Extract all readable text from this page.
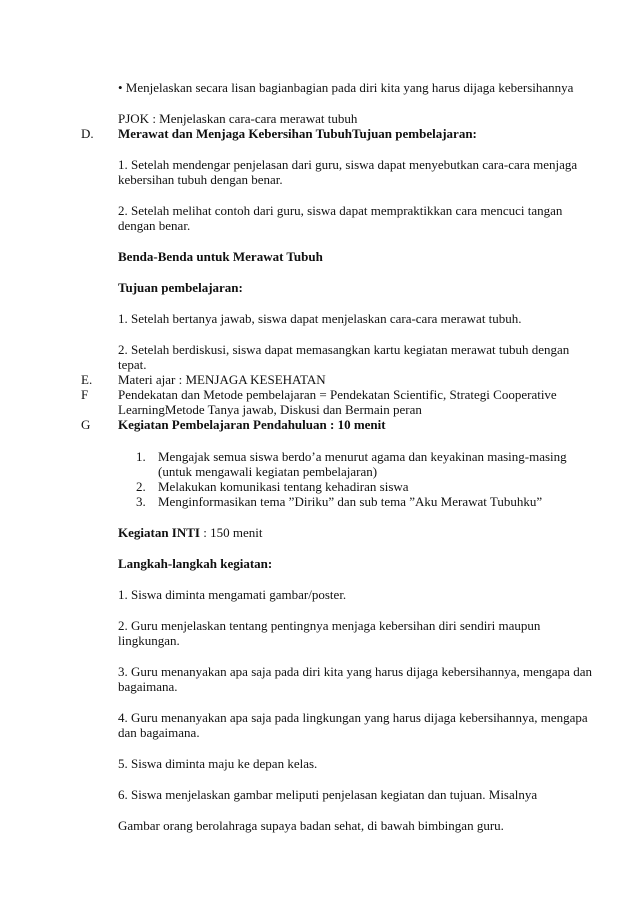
• Menjelaskan secara lisan bagianbagian pada diri kita yang harus dijaga kebersihannya
PJOK : Menjelaskan cara-cara merawat tubuh
D. Merawat dan Menjaga Kebersihan TubuhTujuan pembelajaran:
1. Setelah mendengar penjelasan dari guru, siswa dapat menyebutkan cara-cara menjaga
kebersihan tubuh dengan benar.
2. Setelah melihat contoh dari guru, siswa dapat mempraktikkan cara mencuci tangan
dengan benar.
Benda-Benda untuk Merawat Tubuh
Tujuan pembelajaran:
1. Setelah bertanya jawab, siswa dapat menjelaskan cara-cara merawat tubuh.
2. Setelah berdiskusi, siswa dapat memasangkan kartu kegiatan merawat tubuh dengan
tepat.
E. Materi ajar : MENJAGA KESEHATAN
F Pendekatan dan Metode pembelajaran = Pendekatan Scientific, Strategi Cooperative
LearningMetode Tanya jawab, Diskusi dan Bermain peran
G Kegiatan Pembelajaran Pendahuluan : 10 menit
1. Mengajak semua siswa berdo’a menurut agama dan keyakinan masing-masing
(untuk mengawali kegiatan pembelajaran)
2. Melakukan komunikasi tentang kehadiran siswa
3. Menginformasikan tema ”Diriku” dan sub tema ”Aku Merawat Tubuhku”
Kegiatan INTI : 150 menit
Langkah-langkah kegiatan:
1. Siswa diminta mengamati gambar/poster.
2. Guru menjelaskan tentang pentingnya menjaga kebersihan diri sendiri maupun
lingkungan.
3. Guru menanyakan apa saja pada diri kita yang harus dijaga kebersihannya, mengapa dan
bagaimana.
4. Guru menanyakan apa saja pada lingkungan yang harus dijaga kebersihannya, mengapa
dan bagaimana.
5. Siswa diminta maju ke depan kelas.
6. Siswa menjelaskan gambar meliputi penjelasan kegiatan dan tujuan. Misalnya
Gambar orang berolahraga supaya badan sehat, di bawah bimbingan guru.
